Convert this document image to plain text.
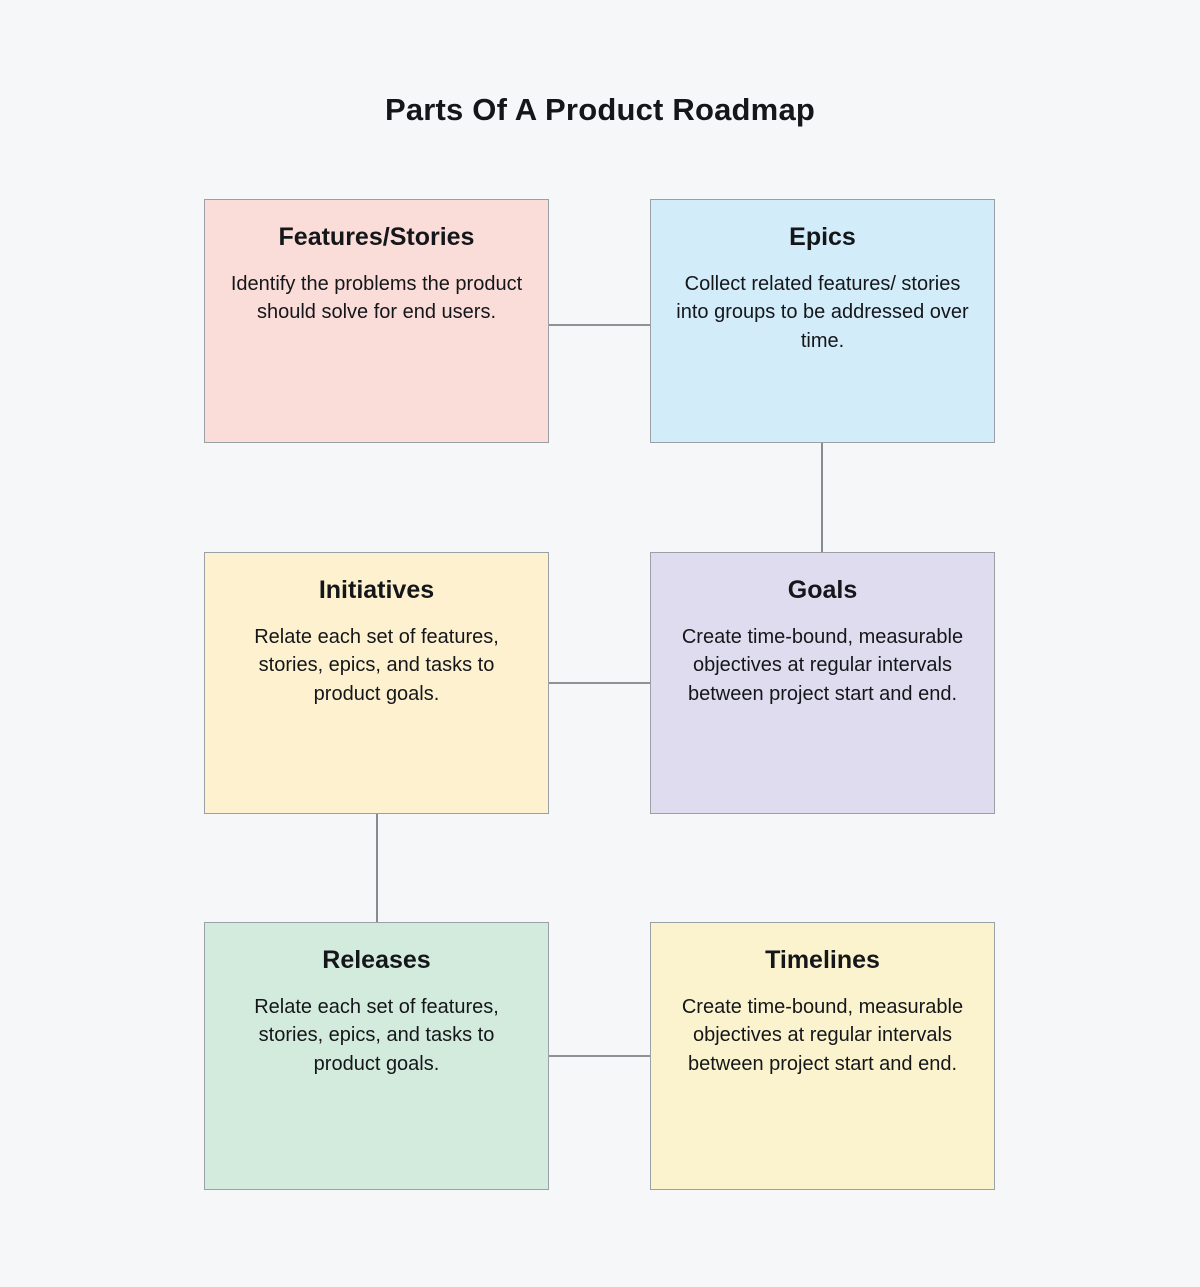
Parts Of A Product Roadmap
Features/Stories
Identify the problems the product should solve for end users.
Epics
Collect related features/ stories into groups to be addressed over time.
Initiatives
Relate each set of features, stories, epics, and tasks to product goals.
Goals
Create time-bound, measurable objectives at regular intervals between project start and end.
Releases
Relate each set of features, stories, epics, and tasks to product goals.
Timelines
Create time-bound, measurable objectives at regular intervals between project start and end.
